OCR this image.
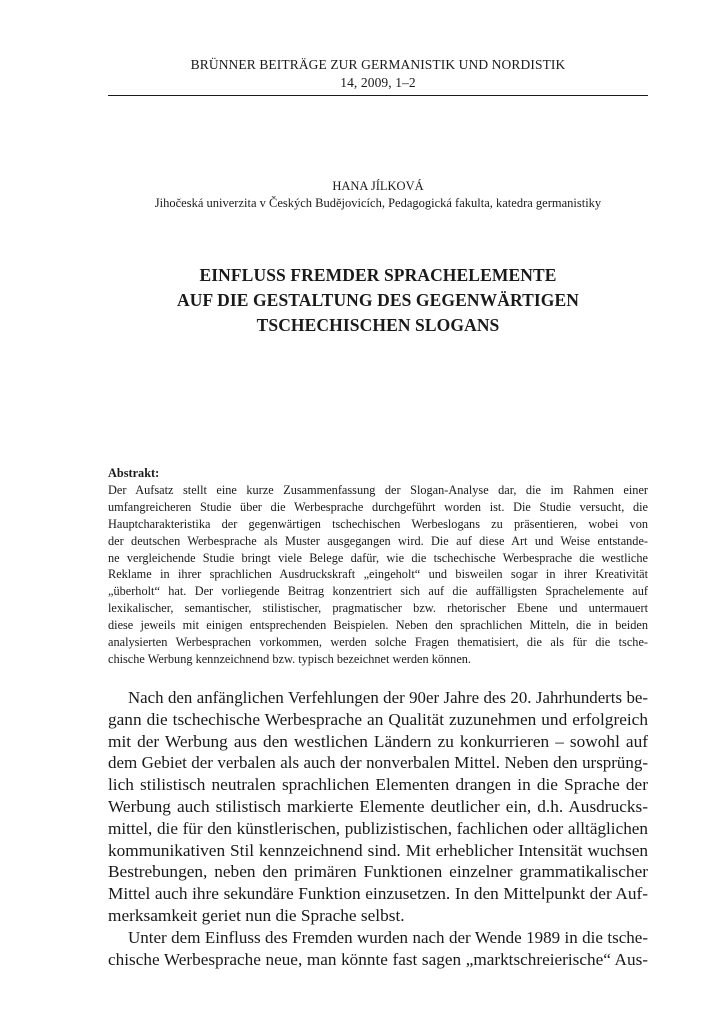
BRÜNNER BEITRÄGE ZUR GERMANISTIK UND NORDISTIK
14, 2009, 1–2
HANA JÍLKOVÁ
Jihočeská univerzita v Českých Budějovicích, Pedagogická fakulta, katedra germanistiky
EINFLUSS FREMDER SPRACHELEMENTE
AUF DIE GESTALTUNG DES GEGENWÄRTIGEN
TSCHECHISCHEN SLOGANS
Abstrakt:
Der Aufsatz stellt eine kurze Zusammenfassung der Slogan-Analyse dar, die im Rahmen einer
umfangreicheren Studie über die Werbesprache durchgeführt worden ist. Die Studie versucht, die
Hauptcharakteristika der gegenwärtigen tschechischen Werbeslogans zu präsentieren, wobei von
der deutschen Werbesprache als Muster ausgegangen wird. Die auf diese Art und Weise entstande-
ne vergleichende Studie bringt viele Belege dafür, wie die tschechische Werbesprache die westliche
Reklame in ihrer sprachlichen Ausdruckskraft „eingeholt“ und bisweilen sogar in ihrer Kreativität
„überholt“ hat. Der vorliegende Beitrag konzentriert sich auf die auffälligsten Sprachelemente auf
lexikalischer, semantischer, stilistischer, pragmatischer bzw. rhetorischer Ebene und untermauert
diese jeweils mit einigen entsprechenden Beispielen. Neben den sprachlichen Mitteln, die in beiden
analysierten Werbesprachen vorkommen, werden solche Fragen thematisiert, die als für die tsche-
chische Werbung kennzeichnend bzw. typisch bezeichnet werden können.
Nach den anfänglichen Verfehlungen der 90er Jahre des 20. Jahrhunderts be-
gann die tschechische Werbesprache an Qualität zuzunehmen und erfolgreich
mit der Werbung aus den westlichen Ländern zu konkurrieren – sowohl auf
dem Gebiet der verbalen als auch der nonverbalen Mittel. Neben den ursprüng-
lich stilistisch neutralen sprachlichen Elementen drangen in die Sprache der
Werbung auch stilistisch markierte Elemente deutlicher ein, d.h. Ausdrucks-
mittel, die für den künstlerischen, publizistischen, fachlichen oder alltäglichen
kommunikativen Stil kennzeichnend sind. Mit erheblicher Intensität wuchsen
Bestrebungen, neben den primären Funktionen einzelner grammatikalischer
Mittel auch ihre sekundäre Funktion einzusetzen. In den Mittelpunkt der Auf-
merksamkeit geriet nun die Sprache selbst.
Unter dem Einfluss des Fremden wurden nach der Wende 1989 in die tsche-
chische Werbesprache neue, man könnte fast sagen „marktschreierische“ Aus-
